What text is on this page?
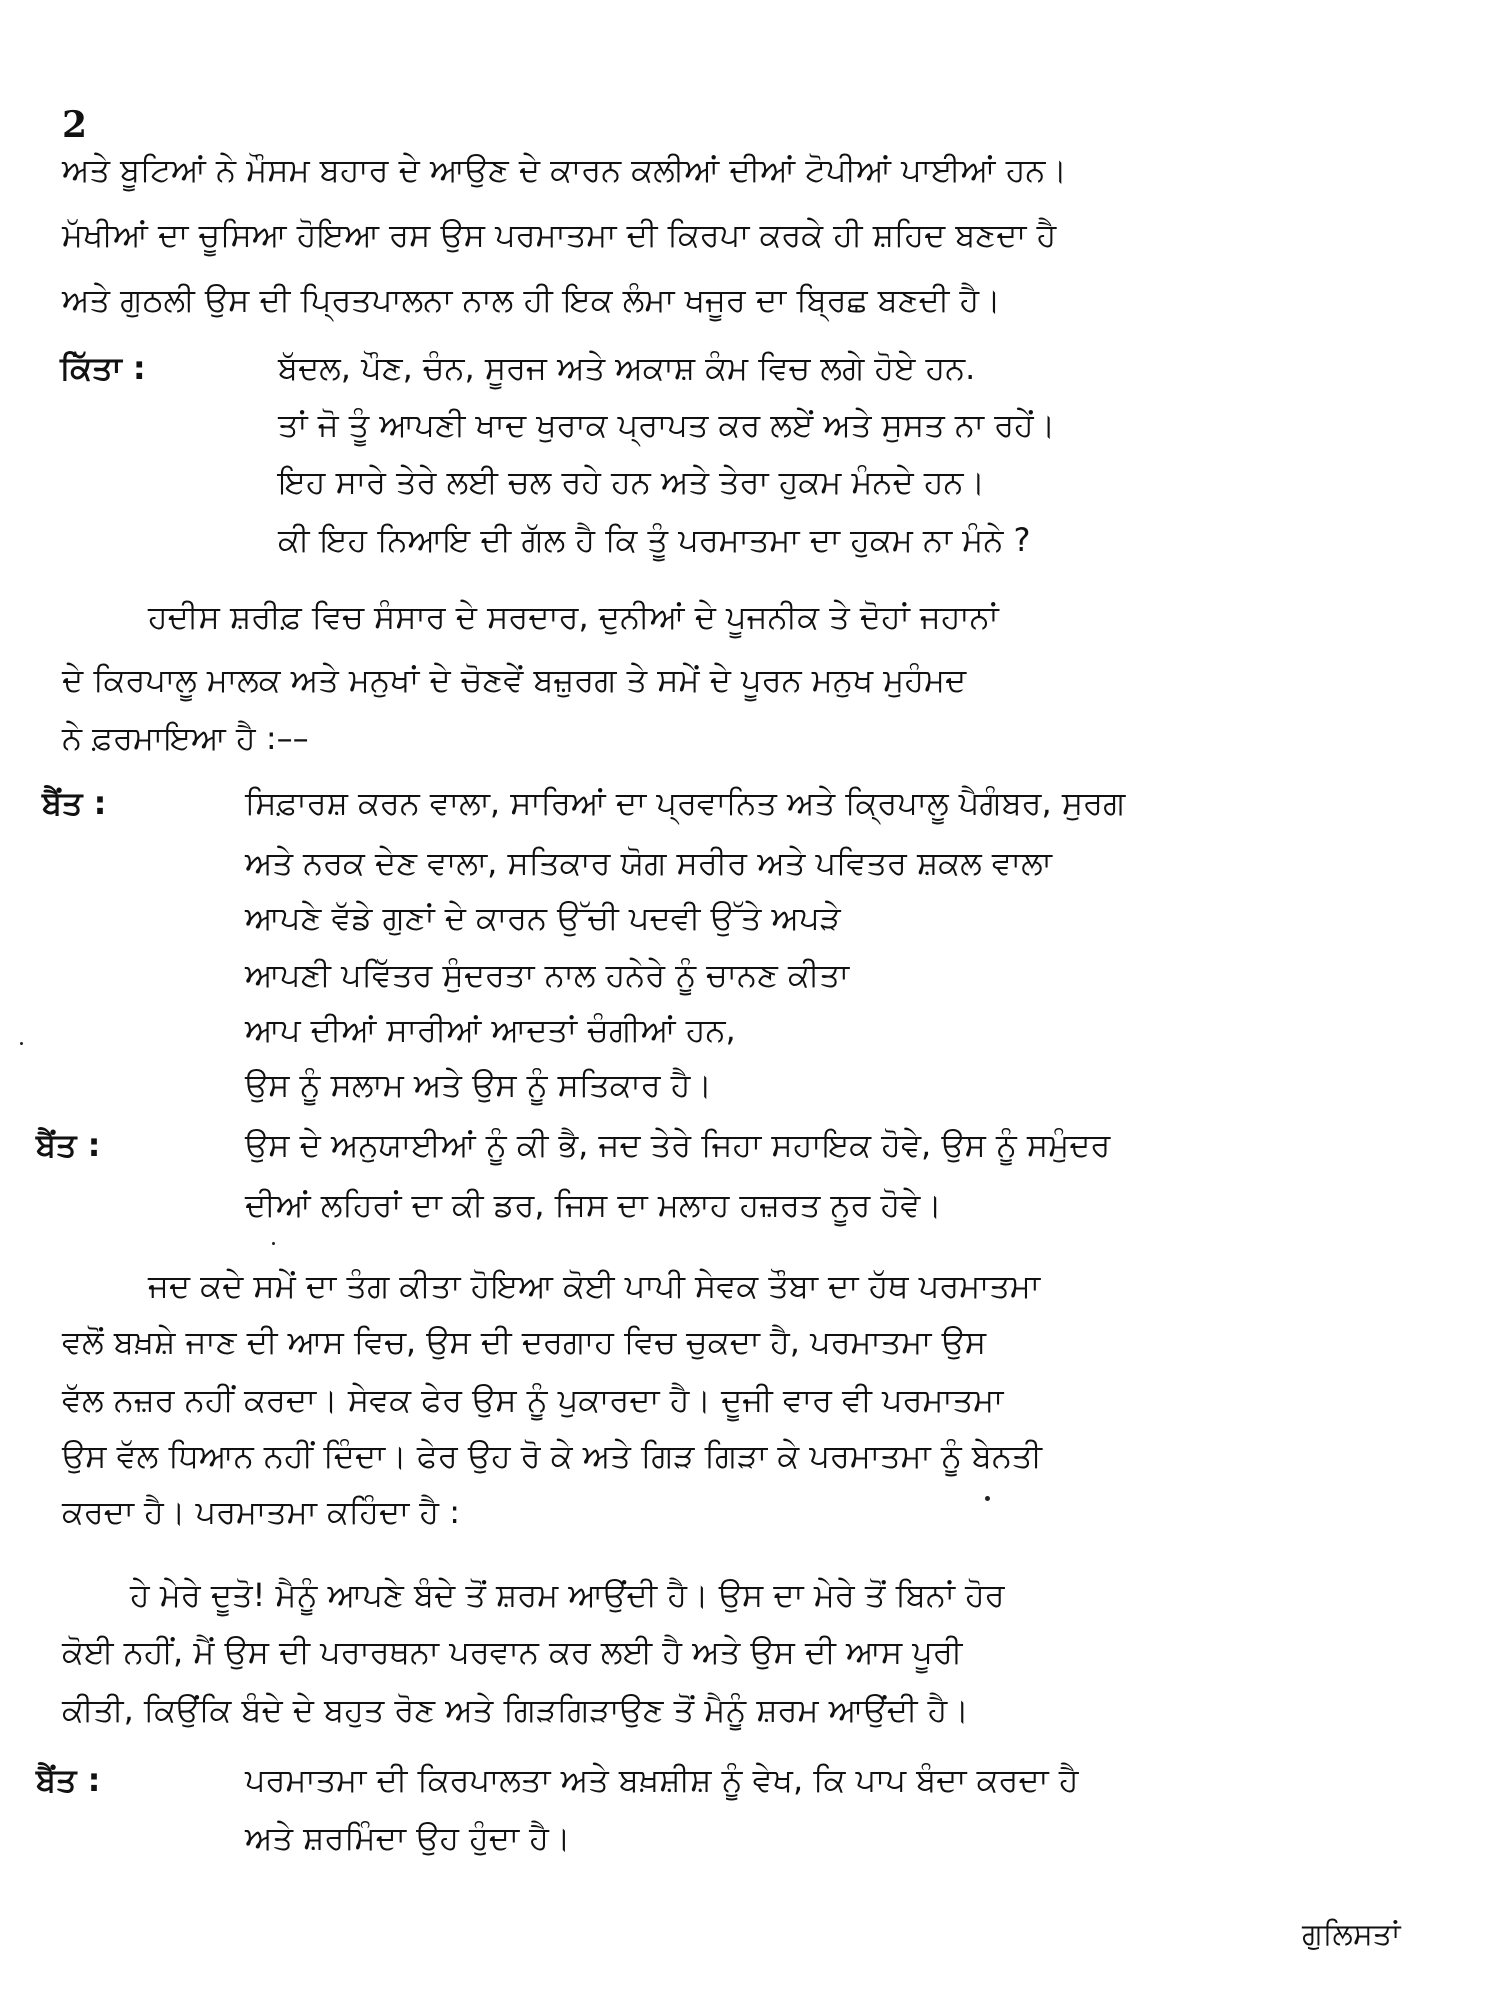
2
ਅਤੇ ਬੂਟਿਆਂ ਨੇ ਮੌਸਮ ਬਹਾਰ ਦੇ ਆਉਣ ਦੇ ਕਾਰਨ ਕਲੀਆਂ ਦੀਆਂ ਟੋਪੀਆਂ ਪਾਈਆਂ ਹਨ।
ਮੱਖੀਆਂ ਦਾ ਚੂਸਿਆ ਹੋਇਆ ਰਸ ਉਸ ਪਰਮਾਤਮਾ ਦੀ ਕਿਰਪਾ ਕਰਕੇ ਹੀ ਸ਼ਹਿਦ ਬਣਦਾ ਹੈ
ਅਤੇ ਗੁਠਲੀ ਉਸ ਦੀ ਪ੍ਰਿਤਪਾਲਨਾ ਨਾਲ ਹੀ ਇਕ ਲੰਮਾ ਖਜੂਰ ਦਾ ਬ੍ਰਿਛ ਬਣਦੀ ਹੈ।
ਕਿੱਤਾ :	ਬੱਦਲ, ਪੌਣ, ਚੰਨ, ਸੂਰਜ ਅਤੇ ਅਕਾਸ਼ ਕੰਮ ਵਿਚ ਲਗੇ ਹੋਏ ਹਨ.
ਤਾਂ ਜੋ ਤੂੰ ਆਪਣੀ ਖਾਦ ਖੁਰਾਕ ਪ੍ਰਾਪਤ ਕਰ ਲਏਂ ਅਤੇ ਸੁਸਤ ਨਾ ਰਹੇਂ।
ਇਹ ਸਾਰੇ ਤੇਰੇ ਲਈ ਚਲ ਰਹੇ ਹਨ ਅਤੇ ਤੇਰਾ ਹੁਕਮ ਮੰਨਦੇ ਹਨ।
ਕੀ ਇਹ ਨਿਆਇ ਦੀ ਗੱਲ ਹੈ ਕਿ ਤੂੰ ਪਰਮਾਤਮਾ ਦਾ ਹੁਕਮ ਨਾ ਮੰਨੇ ?
ਹਦੀਸ ਸ਼ਰੀਫ਼ ਵਿਚ ਸੰਸਾਰ ਦੇ ਸਰਦਾਰ, ਦੁਨੀਆਂ ਦੇ ਪੂਜਨੀਕ ਤੇ ਦੋਹਾਂ ਜਹਾਨਾਂ
ਦੇ ਕਿਰਪਾਲੂ ਮਾਲਕ ਅਤੇ ਮਨੁਖਾਂ ਦੇ ਚੋਣਵੇਂ ਬਜ਼ੁਰਗ ਤੇ ਸਮੇਂ ਦੇ ਪੂਰਨ ਮਨੁਖ ਮੁਹੰਮਦ
ਨੇ ਫ਼ਰਮਾਇਆ ਹੈ :––
ਬੈਂਤ :	ਸਿਫ਼ਾਰਸ਼ ਕਰਨ ਵਾਲਾ, ਸਾਰਿਆਂ ਦਾ ਪ੍ਰਵਾਨਿਤ ਅਤੇ ਕ੍ਰਿਪਾਲੂ ਪੈਗੰਬਰ, ਸੁਰਗ
ਅਤੇ ਨਰਕ ਦੇਣ ਵਾਲਾ, ਸਤਿਕਾਰ ਯੋਗ ਸਰੀਰ ਅਤੇ ਪਵਿਤਰ ਸ਼ਕਲ ਵਾਲਾ
ਆਪਣੇ ਵੱਡੇ ਗੁਣਾਂ ਦੇ ਕਾਰਨ ਉੱਚੀ ਪਦਵੀ ਉੱਤੇ ਅਪੜੇ
ਆਪਣੀ ਪਵਿੱਤਰ ਸੁੰਦਰਤਾ ਨਾਲ ਹਨੇਰੇ ਨੂੰ ਚਾਨਣ ਕੀਤਾ
ਆਪ ਦੀਆਂ ਸਾਰੀਆਂ ਆਦਤਾਂ ਚੰਗੀਆਂ ਹਨ,
ਉਸ ਨੂੰ ਸਲਾਮ ਅਤੇ ਉਸ ਨੂੰ ਸਤਿਕਾਰ ਹੈ।
ਬੈਂਤ :	ਉਸ ਦੇ ਅਨੁਯਾਈਆਂ ਨੂੰ ਕੀ ਭੈ, ਜਦ ਤੇਰੇ ਜਿਹਾ ਸਹਾਇਕ ਹੋਵੇ, ਉਸ ਨੂੰ ਸਮੁੰਦਰ
ਦੀਆਂ ਲਹਿਰਾਂ ਦਾ ਕੀ ਡਰ, ਜਿਸ ਦਾ ਮਲਾਹ ਹਜ਼ਰਤ ਨੂਰ ਹੋਵੇ।
ਜਦ ਕਦੇ ਸਮੇਂ ਦਾ ਤੰਗ ਕੀਤਾ ਹੋਇਆ ਕੋਈ ਪਾਪੀ ਸੇਵਕ ਤੌਬਾ ਦਾ ਹੱਥ ਪਰਮਾਤਮਾ
ਵਲੋਂ ਬਖ਼ਸ਼ੇ ਜਾਣ ਦੀ ਆਸ ਵਿਚ, ਉਸ ਦੀ ਦਰਗਾਹ ਵਿਚ ਚੁਕਦਾ ਹੈ, ਪਰਮਾਤਮਾ ਉਸ
ਵੱਲ ਨਜ਼ਰ ਨਹੀਂ ਕਰਦਾ। ਸੇਵਕ ਫੇਰ ਉਸ ਨੂੰ ਪੁਕਾਰਦਾ ਹੈ। ਦੂਜੀ ਵਾਰ ਵੀ ਪਰਮਾਤਮਾ
ਉਸ ਵੱਲ ਧਿਆਨ ਨਹੀਂ ਦਿੰਦਾ। ਫੇਰ ਉਹ ਰੋ ਕੇ ਅਤੇ ਗਿੜ ਗਿੜਾ ਕੇ ਪਰਮਾਤਮਾ ਨੂੰ ਬੇਨਤੀ
ਕਰਦਾ ਹੈ। ਪਰਮਾਤਮਾ ਕਹਿੰਦਾ ਹੈ :
ਹੇ ਮੇਰੇ ਦੂਤੋ! ਮੈਨੂੰ ਆਪਣੇ ਬੰਦੇ ਤੋਂ ਸ਼ਰਮ ਆਉਂਦੀ ਹੈ। ਉਸ ਦਾ ਮੇਰੇ ਤੋਂ ਬਿਨਾਂ ਹੋਰ
ਕੋਈ ਨਹੀਂ, ਮੈਂ ਉਸ ਦੀ ਪਰਾਰਥਨਾ ਪਰਵਾਨ ਕਰ ਲਈ ਹੈ ਅਤੇ ਉਸ ਦੀ ਆਸ ਪੂਰੀ
ਕੀਤੀ, ਕਿਉਂਕਿ ਬੰਦੇ ਦੇ ਬਹੁਤ ਰੋਣ ਅਤੇ ਗਿੜਗਿੜਾਉਣ ਤੋਂ ਮੈਨੂੰ ਸ਼ਰਮ ਆਉਂਦੀ ਹੈ।
ਬੈਂਤ :	ਪਰਮਾਤਮਾ ਦੀ ਕਿਰਪਾਲਤਾ ਅਤੇ ਬਖ਼ਸ਼ੀਸ਼ ਨੂੰ ਵੇਖ, ਕਿ ਪਾਪ ਬੰਦਾ ਕਰਦਾ ਹੈ
ਅਤੇ ਸ਼ਰਮਿੰਦਾ ਉਹ ਹੁੰਦਾ ਹੈ।
ਗੁਲਿਸਤਾਂ
